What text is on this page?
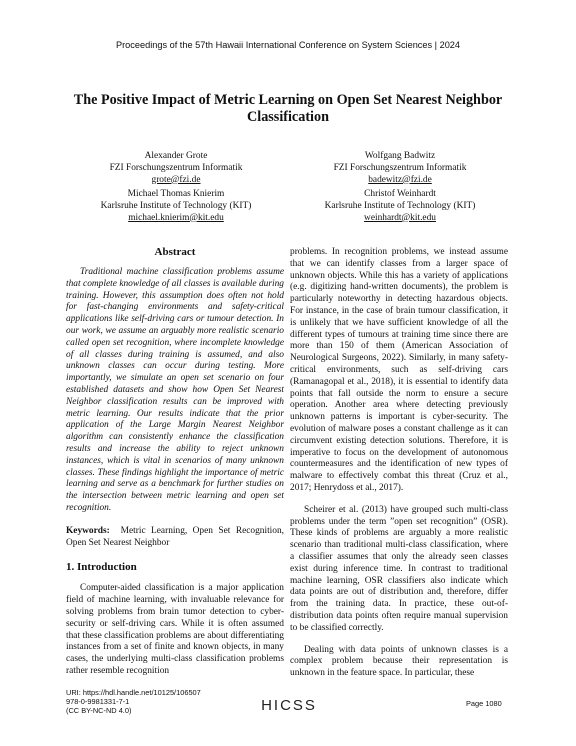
Proceedings of the 57th Hawaii International Conference on System Sciences | 2024
The Positive Impact of Metric Learning on Open Set Nearest Neighbor
Classification
Alexander Grote
FZI Forschungszentrum Informatik
grote@fzi.de
Wolfgang Badwitz
FZI Forschungszentrum Informatik
badewitz@fzi.de
Michael Thomas Knierim
Karlsruhe Institute of Technology (KIT)
michael.knierim@kit.edu
Christof Weinhardt
Karlsruhe Institute of Technology (KIT)
weinhardt@kit.edu
Abstract

Traditional machine classification problems assume that complete knowledge of all classes is available during training. However, this assumption does often not hold for fast-changing environments and safety-critical applications like self-driving cars or tumour detection. In our work, we assume an arguably more realistic scenario called open set recognition, where incomplete knowledge of all classes during training is assumed, and also unknown classes can occur during testing. More importantly, we simulate an open set scenario on four established datasets and show how Open Set Nearest Neighbor classification results can be improved with metric learning. Our results indicate that the prior application of the Large Margin Nearest Neighbor algorithm can consistently enhance the classification results and increase the ability to reject unknown instances, which is vital in scenarios of many unknown classes. These findings highlight the importance of metric learning and serve as a benchmark for further studies on the intersection between metric learning and open set recognition.

Keywords: Metric Learning, Open Set Recognition, Open Set Nearest Neighbor

1. Introduction

Computer-aided classification is a major application field of machine learning, with invaluable relevance for solving problems from brain tumor detection to cyber-security or self-driving cars. While it is often assumed that these classification problems are about differentiating instances from a set of finite and known objects, in many cases, the underlying multi-class classification problems rather resemble recognition

problems. In recognition problems, we instead assume that we can identify classes from a larger space of unknown objects. While this has a variety of applications (e.g. digitizing hand-written documents), the problem is particularly noteworthy in detecting hazardous objects. For instance, in the case of brain tumour classification, it is unlikely that we have sufficient knowledge of all the different types of tumours at training time since there are more than 150 of them (American Association of Neurological Surgeons, 2022). Similarly, in many safety-critical environments, such as self-driving cars (Ramanagopal et al., 2018), it is essential to identify data points that fall outside the norm to ensure a secure operation. Another area where detecting previously unknown patterns is important is cyber-security. The evolution of malware poses a constant challenge as it can circumvent existing detection solutions. Therefore, it is imperative to focus on the development of autonomous countermeasures and the identification of new types of malware to effectively combat this threat (Cruz et al., 2017; Henrydoss et al., 2017).

Scheirer et al. (2013) have grouped such multi-class problems under the term ”open set recognition” (OSR). These kinds of problems are arguably a more realistic scenario than traditional multi-class classification, where a classifier assumes that only the already seen classes exist during inference time. In contrast to traditional machine learning, OSR classifiers also indicate which data points are out of distribution and, therefore, differ from the training data. In practice, these out-of-distribution data points often require manual supervision to be classified correctly.

Dealing with data points of unknown classes is a complex problem because their representation is unknown in the feature space. In particular, these

URI: https://hdl.handle.net/10125/106507
978-0-9981331-7-1
(CC BY-NC-ND 4.0)	HICSS	Page 1080
